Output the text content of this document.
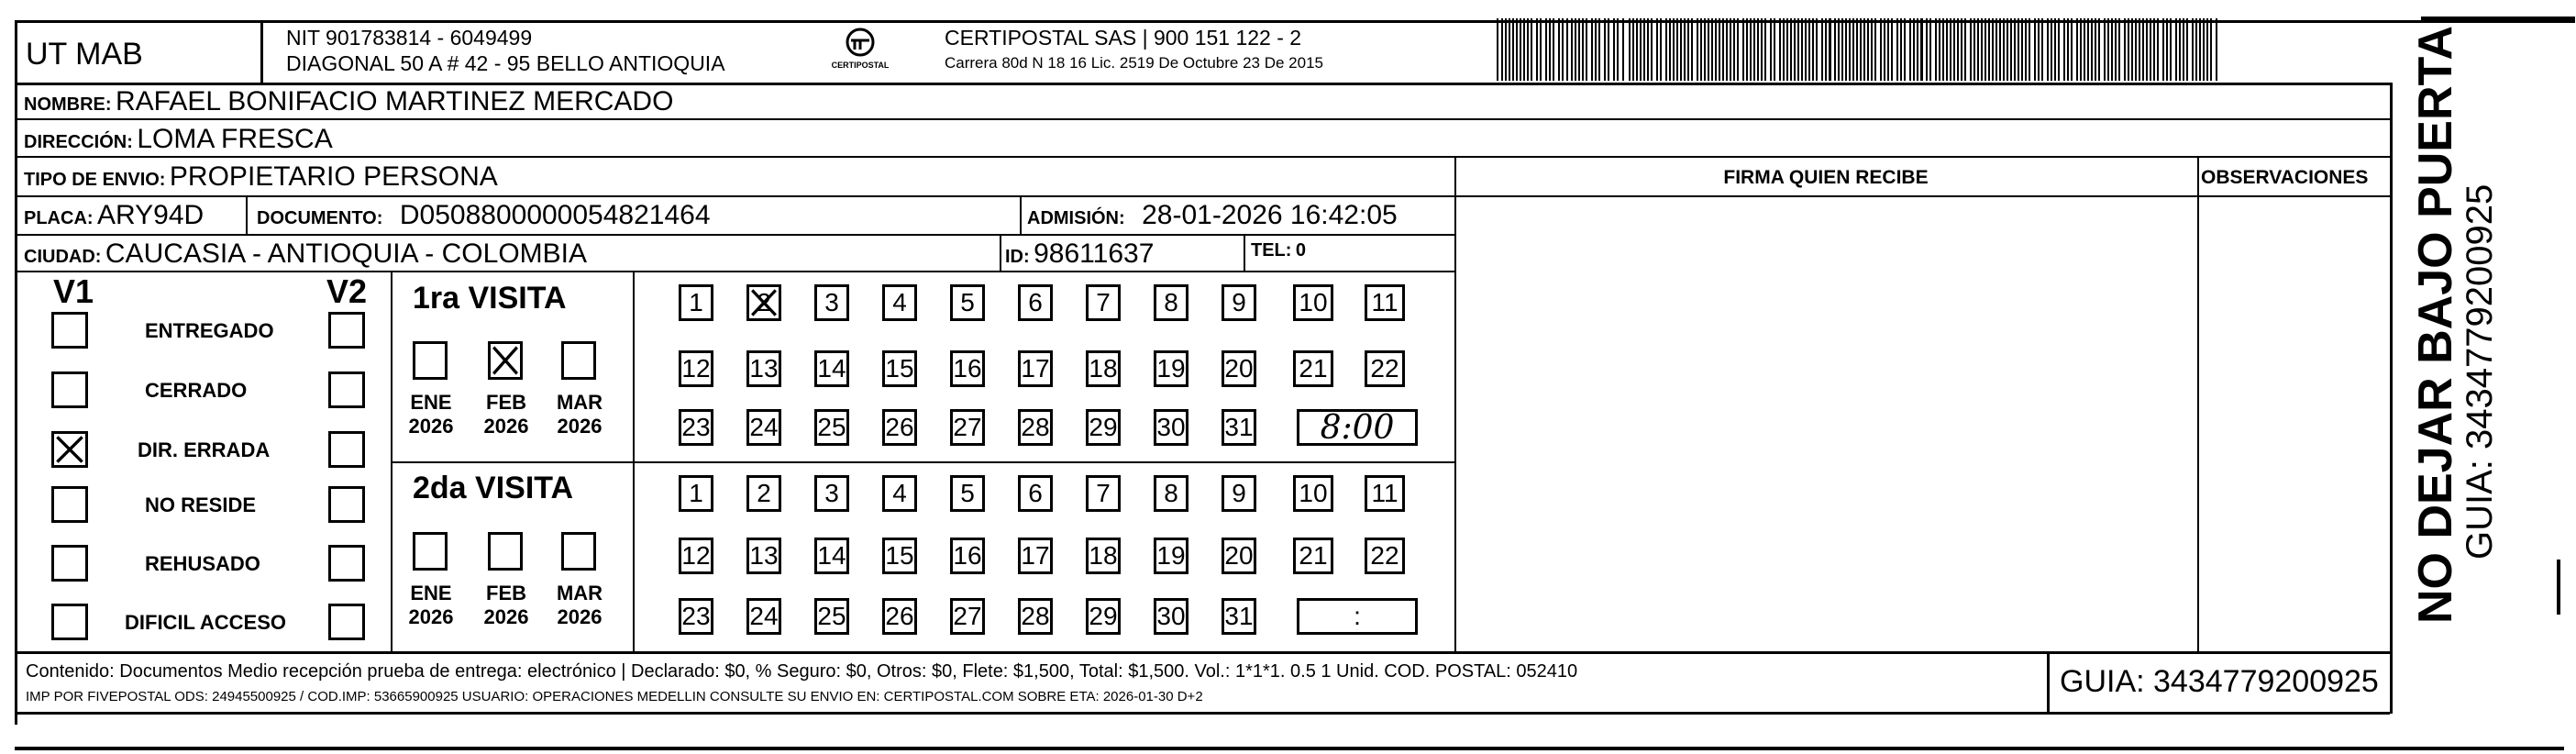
UT MAB	NIT 901783814 - 6049499
DIAGONAL 50 A # 42 - 95 BELLO ANTIOQUIA	CERTIPOSTAL
CERTIPOSTAL SAS | 900 151 122 - 2
Carrera 80d N 18 16 Lic. 2519 De Octubre 23 De 2015
NOMBRE: RAFAEL BONIFACIO MARTINEZ MERCADO
DIRECCIÓN: LOMA FRESCA
TIPO DE ENVIO: PROPIETARIO PERSONA
PLACA: ARY94D	DOCUMENTO: D0508800000054821464	ADMISIÓN: 28-01-2026 16:42:05
CIUDAD: CAUCASIA - ANTIOQUIA - COLOMBIA	ID: 98611637	TEL: 0
FIRMA QUIEN RECIBE	OBSERVACIONES
V1	V2
ENTREGADO
CERRADO
DIR. ERRADA
NO RESIDE
REHUSADO
DIFICIL ACCESO
1ra VISITA
ENE
2026
FEB
2026
MAR
2026
1 2 3 4 5 6 7 8 9 10 11
12 13 14 15 16 17 18 19 20 21 22
23 24 25 26 27 28 29 30 31 8:00
2da VISITA
ENE
2026
FEB
2026
MAR
2026
1 2 3 4 5 6 7 8 9 10 11
12 13 14 15 16 17 18 19 20 21 22
23 24 25 26 27 28 29 30 31	:
Contenido: Documentos Medio recepción prueba de entrega: electrónico | Declarado: $0, % Seguro: $0, Otros: $0, Flete: $1,500, Total: $1,500. Vol.: 1*1*1. 0.5 1 Unid. COD. POSTAL: 052410
IMP POR FIVEPOSTAL ODS: 24945500925 / COD.IMP: 53665900925 USUARIO: OPERACIONES MEDELLIN CONSULTE SU ENVIO EN: CERTIPOSTAL.COM SOBRE ETA: 2026-01-30 D+2	GUIA: 3434779200925
NO DEJAR BAJO PUERTA
GUIA: 3434779200925
